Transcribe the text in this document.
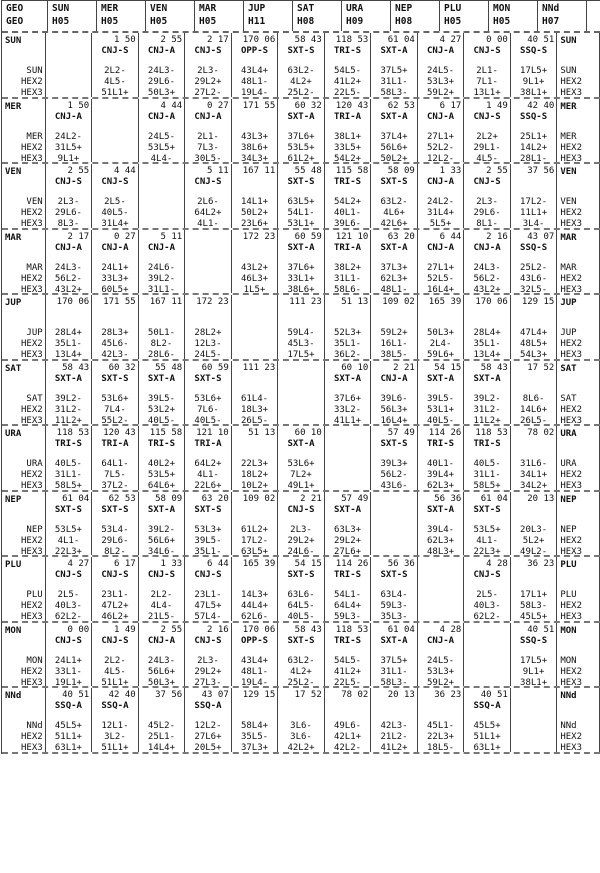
GEO
GEO
SUN
H05
MER
H05
VEN
H05
MAR
H05
JUP
H11
SAT
H08
URA
H09
NEP
H08
PLU
H05
MON
H05
NNd
H07
SUN
SUN
HEX2
HEX3
1 50
CNJ-S
2L2-
4L5-
51L1+
2 55
CNJ-A
24L3-
29L6-
50L3+
2 17
CNJ-S
2L3-
29L2+
27L2-
170 06
OPP-S
43L4+
48L1-
19L4-
58 43
SXT-S
63L2-
4L2+
25L2-
118 53
TRI-S
54L5-
41L2+
22L5-
61 04
SXT-A
37L5+
31L1-
58L3-
4 27
CNJ-A
24L5-
53L3+
59L2+
0 00
CNJ-S
2L1-
7L1-
13L1+
40 51
SSQ-S
17L5+
9L1+
38L1+
SUN
SUN
HEX2
HEX3
MER
MER
HEX2
HEX3
1 50
CNJ-A
24L2-
31L5+
9L1+
4 44
CNJ-A
24L5-
53L5+
4L4-
0 27
CNJ-A
2L1-
7L3-
30L5-
171 55
43L3+
38L6+
34L3+
60 32
SXT-A
37L6+
53L5+
61L2+
120 43
TRI-A
38L1+
33L5+
54L2+
62 53
SXT-A
37L4+
56L6+
50L2+
6 17
CNJ-A
27L1+
52L2-
12L2-
1 49
CNJ-S
2L2+
29L1-
4L5-
42 40
SSQ-S
25L1+
14L2+
28L1-
MER
MER
HEX2
HEX3
VEN
VEN
HEX2
HEX3
2 55
CNJ-S
2L3-
29L6-
8L3-
4 44
CNJ-S
2L5-
40L5-
31L4+
5 11
CNJ-S
2L6-
64L2+
4L1-
167 11
14L1+
50L2+
23L6+
55 48
SXT-S
63L5+
54L1-
53L1+
115 58
TRI-S
54L2+
40L1-
39L6-
58 09
SXT-S
63L2-
4L6+
42L6+
1 33
CNJ-A
24L2-
31L4+
5L5+
2 55
CNJ-S
2L3-
29L6-
8L1-
37 56
17L2-
11L1+
3L4-
VEN
VEN
HEX2
HEX3
MAR
MAR
HEX2
HEX3
2 17
CNJ-A
24L3-
56L2-
43L2+
0 27
CNJ-A
24L1+
33L3+
60L5+
5 11
CNJ-A
24L6-
39L2-
31L1-
172 23
43L2+
46L3+
1L5+
60 59
SXT-A
37L6+
33L1+
38L6+
121 10
TRI-A
38L2+
31L1-
58L6-
63 20
SXT-A
37L3+
62L3+
48L1-
6 44
CNJ-A
27L1+
52L5-
16L4+
2 16
CNJ-A
24L3-
56L2-
43L2+
43 07
SSQ-S
25L2-
43L6-
32L5-
MAR
MAR
HEX2
HEX3
JUP
JUP
HEX2
HEX3
170 06
28L4+
35L1-
13L4+
171 55
28L3+
45L6-
42L3-
167 11
50L1-
8L2-
28L6-
172 23
28L2+
12L3-
24L5-
111 23
59L4-
45L3-
17L5+
51 13
52L3+
35L1-
36L2-
109 02
59L2+
16L1-
38L5-
165 39
50L3+
2L4-
59L6+
170 06
28L4+
35L1-
13L4+
129 15
47L4+
48L5+
54L3+
JUP
JUP
HEX2
HEX3
SAT
SAT
HEX2
HEX3
58 43
SXT-A
39L2-
31L2-
11L2+
60 32
SXT-S
53L6+
7L4-
55L2-
55 48
SXT-A
39L5-
53L2+
40L5-
60 59
SXT-S
53L6+
7L6-
40L5-
111 23
61L4-
18L3+
26L5-
60 10
SXT-A
37L6+
33L2-
41L1+
2 21
CNJ-A
39L6-
56L3+
16L4+
54 15
SXT-A
39L5-
53L1+
40L5-
58 43
SXT-A
39L2-
31L2-
11L2+
17 52
8L6-
14L6+
26L5-
SAT
SAT
HEX2
HEX3
URA
URA
HEX2
HEX3
118 53
TRI-S
40L5-
31L1-
58L5+
120 43
TRI-A
64L1-
7L5-
37L2-
115 58
TRI-S
40L2+
53L5+
64L6+
121 10
TRI-A
64L2+
4L1-
22L6+
51 13
22L3+
18L2+
10L2+
60 10
SXT-A
53L6+
7L2+
49L1+
57 49
SXT-S
39L3+
56L2-
43L6-
114 26
TRI-S
40L1-
39L4+
62L3+
118 53
TRI-S
40L5-
31L1-
58L5+
78 02
31L6-
34L1+
34L2+
URA
URA
HEX2
HEX3
NEP
NEP
HEX2
HEX3
61 04
SXT-S
53L5+
4L1-
22L3+
62 53
SXT-S
53L4-
29L6-
8L2-
58 09
SXT-A
39L2-
56L6+
34L6-
63 20
SXT-S
53L3+
39L5-
35L1-
109 02
61L2+
17L2-
63L5+
2 21
CNJ-S
2L3-
29L2+
24L6-
57 49
SXT-A
63L3+
29L2+
27L6+
56 36
SXT-A
39L4-
62L3+
48L3+
61 04
SXT-S
53L5+
4L1-
22L3+
20 13
20L3-
5L2+
49L2-
NEP
NEP
HEX2
HEX3
PLU
PLU
HEX2
HEX3
4 27
CNJ-S
2L5-
40L3-
62L2-
6 17
CNJ-S
23L1-
47L2+
46L2+
1 33
CNJ-S
2L2-
4L4-
21L5-
6 44
CNJ-S
23L1-
47L5+
57L4-
165 39
14L3+
44L4+
62L6-
54 15
SXT-S
63L6-
64L5-
40L5-
114 26
TRI-S
54L1-
64L4+
59L3-
56 36
SXT-S
63L4-
59L3-
35L3-
4 28
CNJ-S
2L5-
40L3-
62L2-
36 23
17L1+
58L3-
45L5+
PLU
PLU
HEX2
HEX3
MON
MON
HEX2
HEX3
0 00
CNJ-S
24L1+
33L1-
19L1+
1 49
CNJ-S
2L2-
4L5-
51L1+
2 55
CNJ-A
24L3-
56L6+
50L3+
2 16
CNJ-S
2L3-
29L2+
27L3-
170 06
OPP-S
43L4+
48L1-
19L4-
58 43
SXT-S
63L2-
4L2+
25L2-
118 53
TRI-S
54L5-
41L2+
22L5-
61 04
SXT-A
37L5+
31L1-
58L3-
4 28
CNJ-A
24L5-
53L3+
59L2+
40 51
SSQ-S
17L5+
9L1+
38L1+
MON
MON
HEX2
HEX3
NNd
NNd
HEX2
HEX3
40 51
SSQ-A
45L5+
51L1+
63L1+
42 40
SSQ-A
12L1-
3L2-
51L1+
37 56
45L2-
25L1-
14L4+
43 07
SSQ-A
12L2-
27L6+
20L5+
129 15
58L4+
35L5-
37L3+
17 52
3L6-
3L6-
42L2+
78 02
49L6-
42L1+
42L2-
20 13
42L3-
21L2-
41L2+
36 23
45L1-
22L3+
18L5-
40 51
SSQ-A
45L5+
51L1+
63L1+
NNd
NNd
HEX2
HEX3
